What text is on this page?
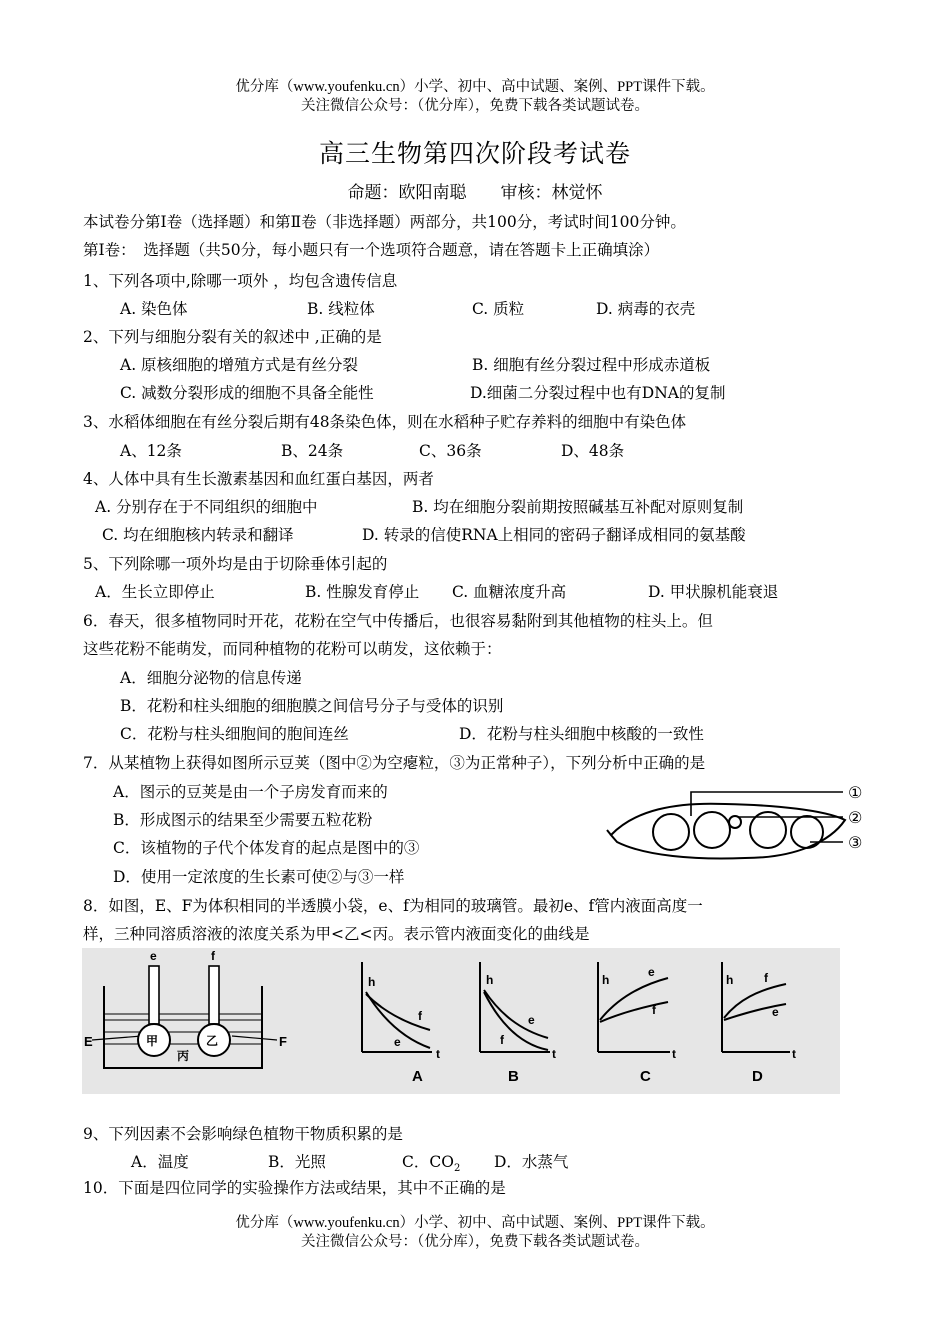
优分库（www.youfenku.cn）小学、初中、高中试题、案例、PPT课件下载。
关注微信公众号：（优分库），免费下载各类试题试卷。
高三生物第四次阶段考试卷
命题：欧阳南聪　　审核：林觉怀
本试卷分第Ⅰ卷（选择题）和第Ⅱ卷（非选择题）两部分，共100分，考试时间100分钟。
第Ⅰ卷：　选择题（共50分，每小题只有一个选项符合题意，请在答题卡上正确填涂）
1、下列各项中,除哪一项外 ，均包含遗传信息
A. 染色体	B. 线粒体	C. 质粒	D. 病毒的衣壳
2、下列与细胞分裂有关的叙述中 ,正确的是
A. 原核细胞的增殖方式是有丝分裂	B. 细胞有丝分裂过程中形成赤道板
C. 减数分裂形成的细胞不具备全能性	D.细菌二分裂过程中也有DNA的复制
3、水稻体细胞在有丝分裂后期有48条染色体，则在水稻种子贮存养料的细胞中有染色体
A、12条	B、24条	C、36条	D、48条
4、人体中具有生长激素基因和血红蛋白基因，两者
A. 分别存在于不同组织的细胞中	B. 均在细胞分裂前期按照碱基互补配对原则复制
C. 均在细胞核内转录和翻译	D. 转录的信使RNA上相同的密码子翻译成相同的氨基酸
5、下列除哪一项外均是由于切除垂体引起的
A．生长立即停止	B. 性腺发育停止 C. 血糖浓度升高	D. 甲状腺机能衰退
6．春天，很多植物同时开花，花粉在空气中传播后，也很容易黏附到其他植物的柱头上。但
这些花粉不能萌发，而同种植物的花粉可以萌发，这依赖于：
A．细胞分泌物的信息传递
B．花粉和柱头细胞的细胞膜之间信号分子与受体的识别
C．花粉与柱头细胞间的胞间连丝	D．花粉与柱头细胞中核酸的一致性
7．从某植物上获得如图所示豆荚（图中②为空瘪粒，③为正常种子），下列分析中正确的是
A．图示的豆荚是由一个子房发育而来的
B．形成图示的结果至少需要五粒花粉
C．该植物的子代个体发育的起点是图中的③
D．使用一定浓度的生长素可使②与③一样
①
②
③
8．如图，E、F为体积相同的半透膜小袋，e、f为相同的玻璃管。最初e、f管内液面高度一
样，三种同溶质溶液的浓度关系为甲<乙<丙。表示管内液面变化的曲线是
e	f
E	F
甲	乙
丙
h
t
f
e
A
h
t
e
f
B
h
t
e
f
C
h
t
f
e
D
9、下列因素不会影响绿色植物干物质积累的是
A．温度	B．光照	C．$CO_2$ D．水蒸气
10．下面是四位同学的实验操作方法或结果，其中不正确的是
优分库（www.youfenku.cn）小学、初中、高中试题、案例、PPT课件下载。
关注微信公众号：（优分库），免费下载各类试题试卷。
